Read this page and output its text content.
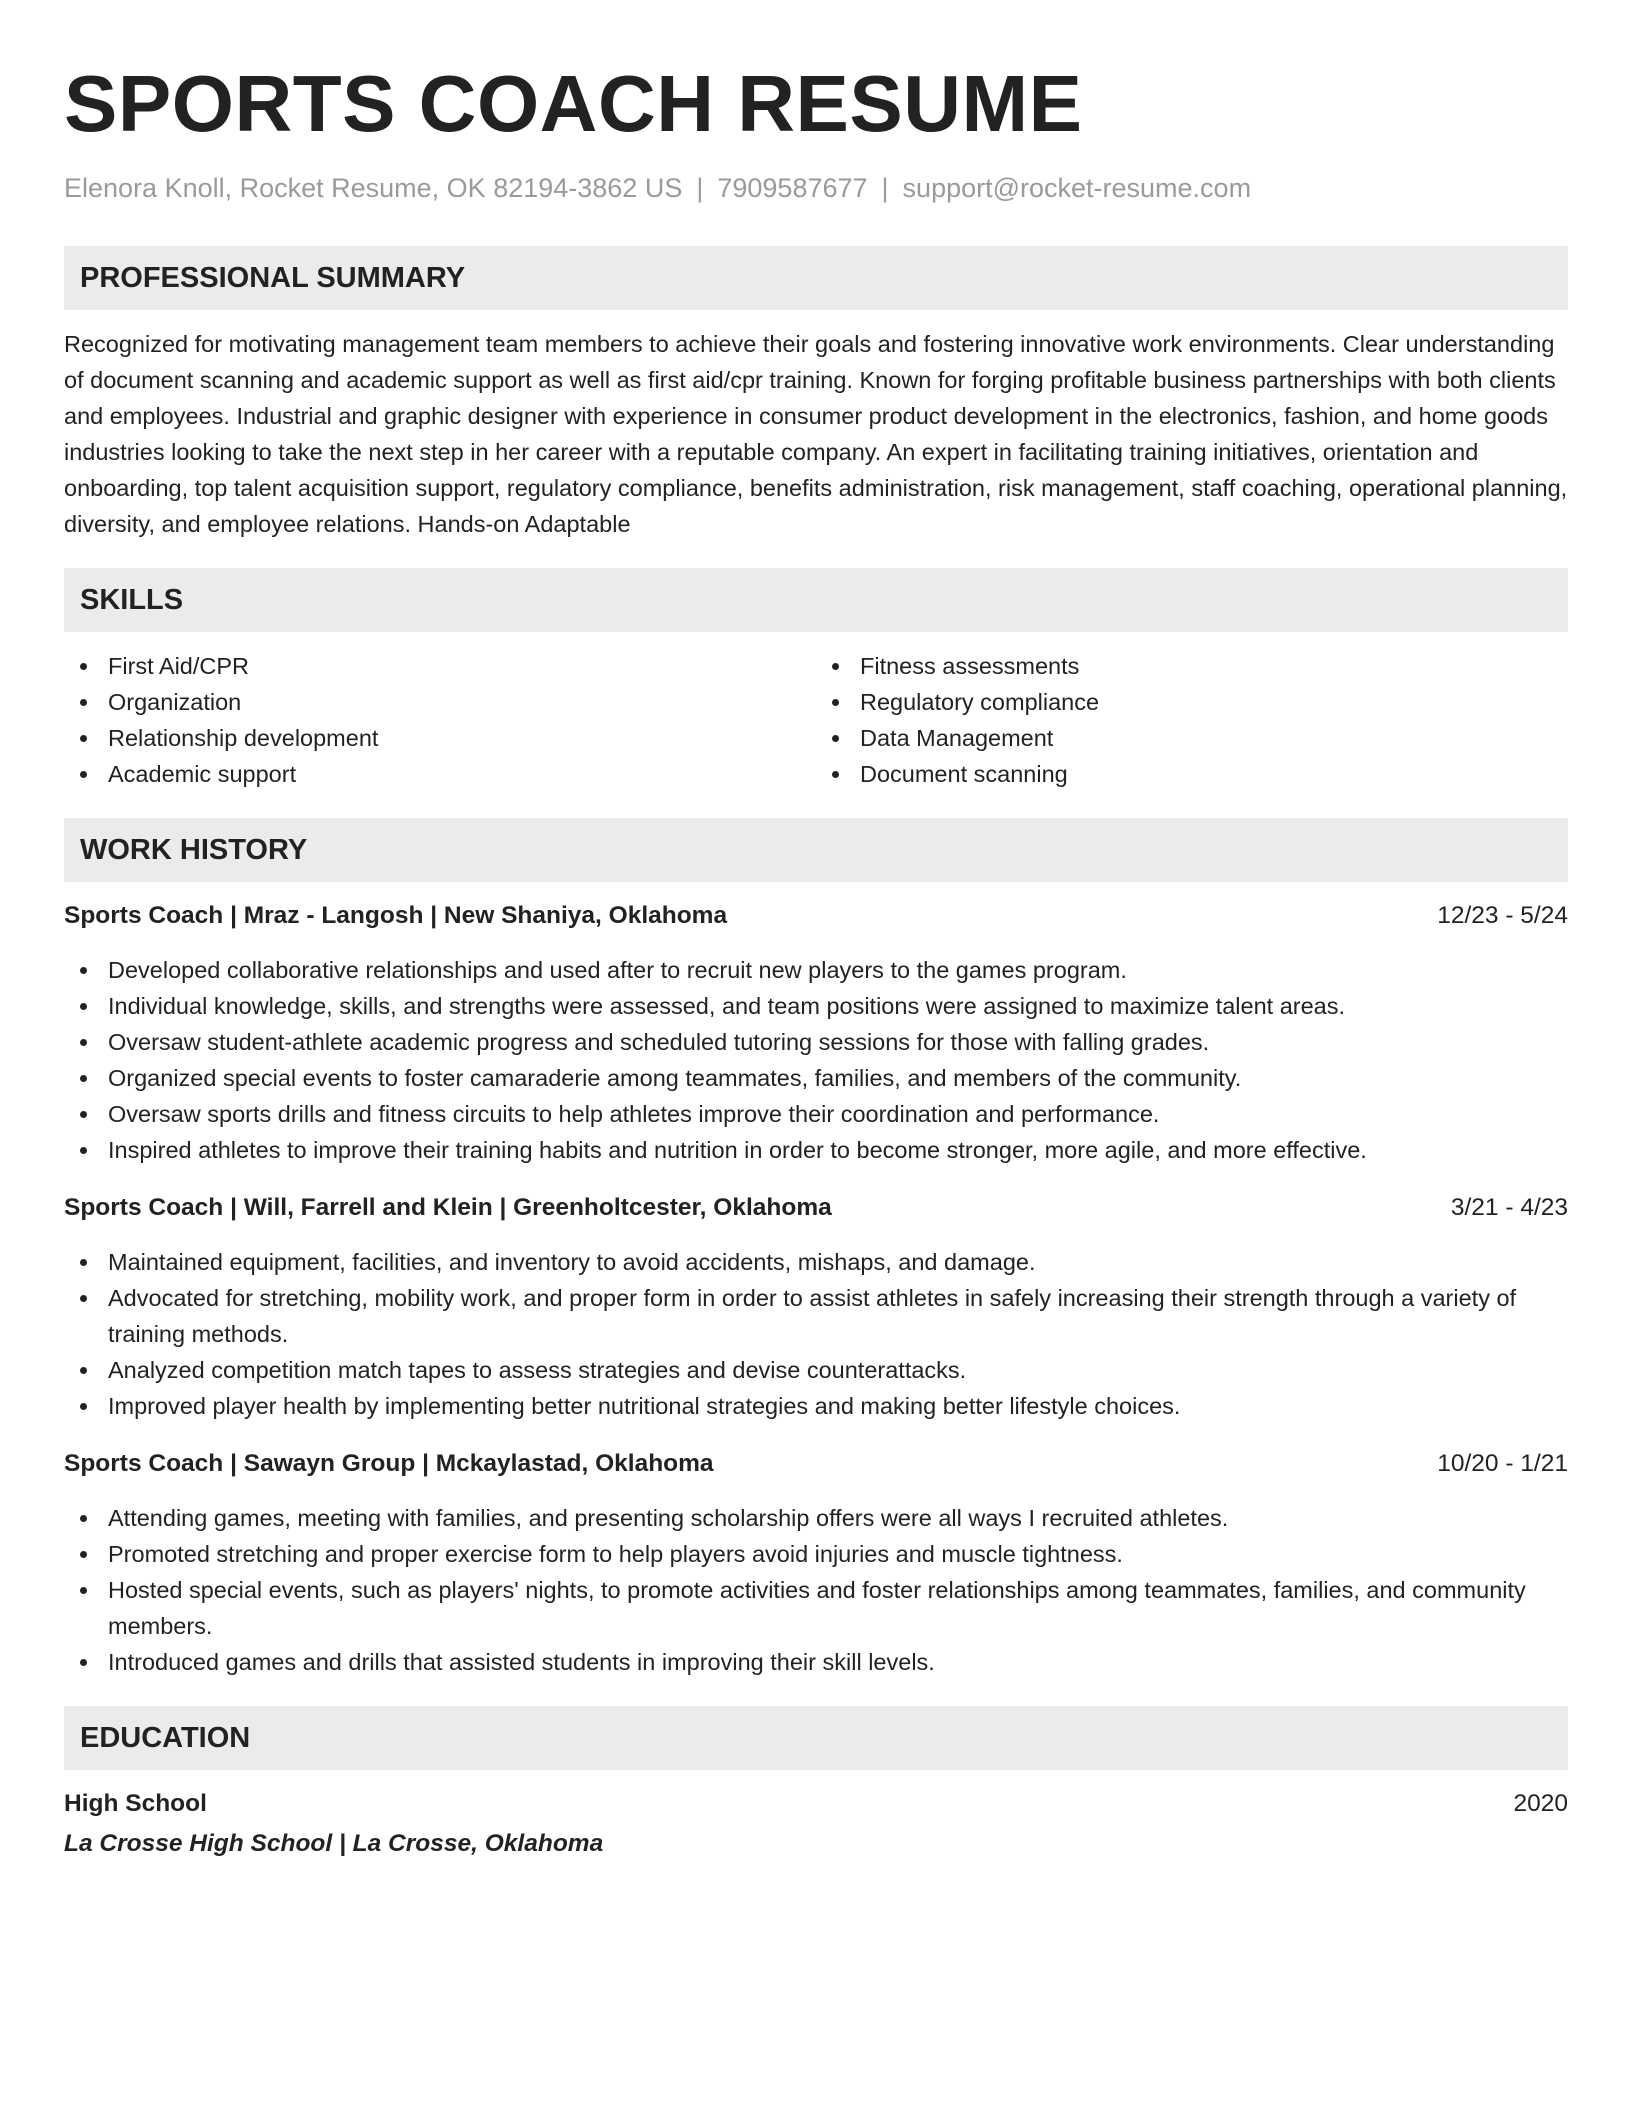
SPORTS COACH RESUME
Elenora Knoll, Rocket Resume, OK 82194-3862 US | 7909587677 | support@rocket-resume.com
PROFESSIONAL SUMMARY

Recognized for motivating management team members to achieve their goals and fostering innovative work environments. Clear understanding of document scanning and academic support as well as first aid/cpr training. Known for forging profitable business partnerships with both clients and employees. Industrial and graphic designer with experience in consumer product development in the electronics, fashion, and home goods industries looking to take the next step in her career with a reputable company. An expert in facilitating training initiatives, orientation and onboarding, top talent acquisition support, regulatory compliance, benefits administration, risk management, staff coaching, operational planning, diversity, and employee relations. Hands-on Adaptable

SKILLS
First Aid/CPR
Organization
Relationship development
Academic support
Fitness assessments
Regulatory compliance
Data Management
Document scanning
WORK HISTORY
Sports Coach | Mraz - Langosh | New Shaniya, Oklahoma	12/23 - 5/24
Developed collaborative relationships and used after to recruit new players to the games program.
Individual knowledge, skills, and strengths were assessed, and team positions were assigned to maximize talent areas.
Oversaw student-athlete academic progress and scheduled tutoring sessions for those with falling grades.
Organized special events to foster camaraderie among teammates, families, and members of the community.
Oversaw sports drills and fitness circuits to help athletes improve their coordination and performance.
Inspired athletes to improve their training habits and nutrition in order to become stronger, more agile, and more effective.
Sports Coach | Will, Farrell and Klein | Greenholtcester, Oklahoma	3/21 - 4/23
Maintained equipment, facilities, and inventory to avoid accidents, mishaps, and damage.
Advocated for stretching, mobility work, and proper form in order to assist athletes in safely increasing their strength through a variety of training methods.
Analyzed competition match tapes to assess strategies and devise counterattacks.
Improved player health by implementing better nutritional strategies and making better lifestyle choices.
Sports Coach | Sawayn Group | Mckaylastad, Oklahoma	10/20 - 1/21
Attending games, meeting with families, and presenting scholarship offers were all ways I recruited athletes.
Promoted stretching and proper exercise form to help players avoid injuries and muscle tightness.
Hosted special events, such as players' nights, to promote activities and foster relationships among teammates, families, and community members.
Introduced games and drills that assisted students in improving their skill levels.
EDUCATION
High School	2020
La Crosse High School | La Crosse, Oklahoma
